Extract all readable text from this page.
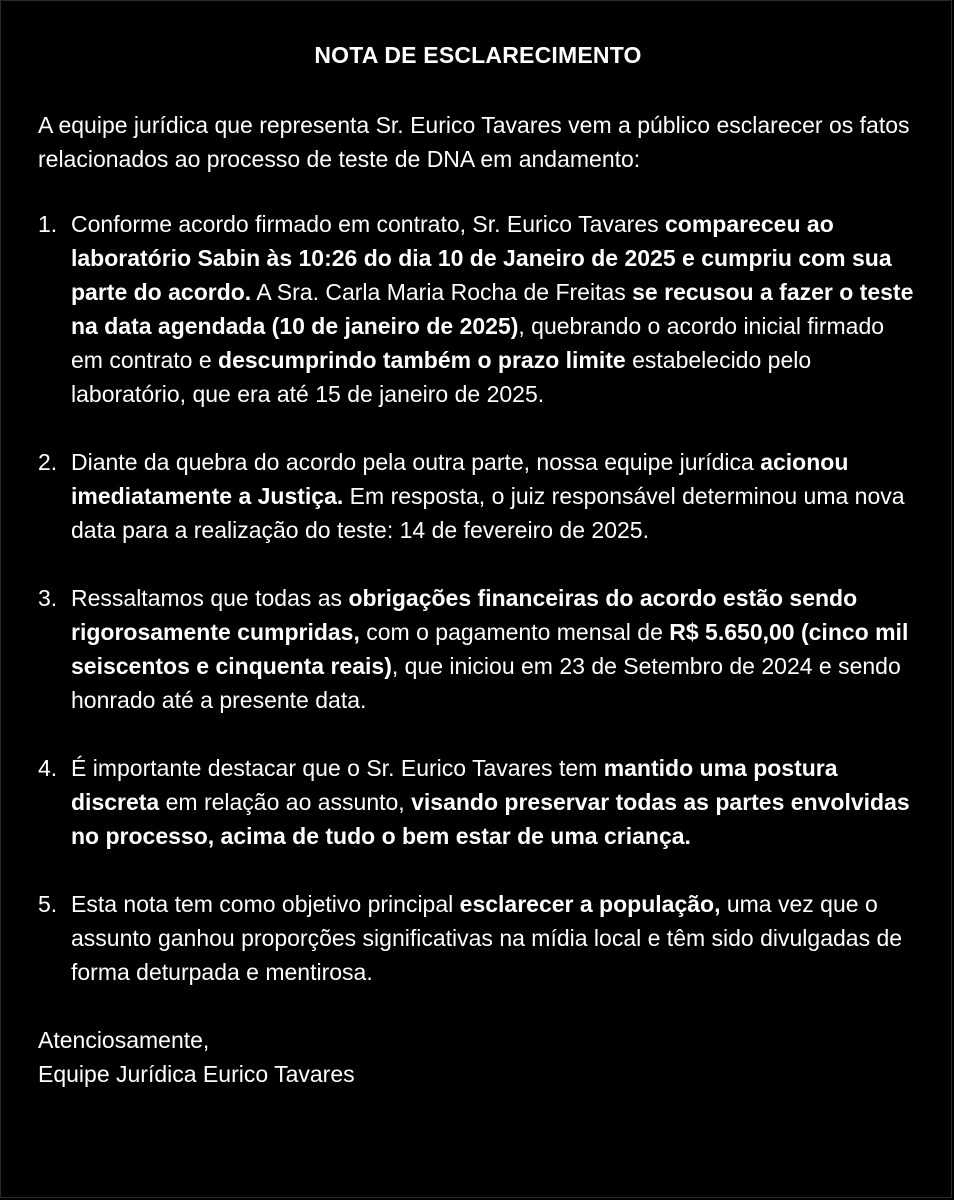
NOTA DE ESCLARECIMENTO
A equipe jurídica que representa Sr. Eurico Tavares vem a público esclarecer os fatos relacionados ao processo de teste de DNA em andamento:
1. Conforme acordo firmado em contrato, Sr. Eurico Tavares compareceu ao laboratório Sabin às 10:26 do dia 10 de Janeiro de 2025 e cumpriu com sua parte do acordo. A Sra. Carla Maria Rocha de Freitas se recusou a fazer o teste na data agendada (10 de janeiro de 2025), quebrando o acordo inicial firmado em contrato e descumprindo também o prazo limite estabelecido pelo laboratório, que era até 15 de janeiro de 2025.
2. Diante da quebra do acordo pela outra parte, nossa equipe jurídica acionou imediatamente a Justiça. Em resposta, o juiz responsável determinou uma nova data para a realização do teste: 14 de fevereiro de 2025.
3. Ressaltamos que todas as obrigações financeiras do acordo estão sendo rigorosamente cumpridas, com o pagamento mensal de R$ 5.650,00 (cinco mil seiscentos e cinquenta reais), que iniciou em 23 de Setembro de 2024 e sendo honrado até a presente data.
4. É importante destacar que o Sr. Eurico Tavares tem mantido uma postura discreta em relação ao assunto, visando preservar todas as partes envolvidas no processo, acima de tudo o bem estar de uma criança.
5. Esta nota tem como objetivo principal esclarecer a população, uma vez que o assunto ganhou proporções significativas na mídia local e têm sido divulgadas de forma deturpada e mentirosa.
Atenciosamente,
Equipe Jurídica Eurico Tavares
